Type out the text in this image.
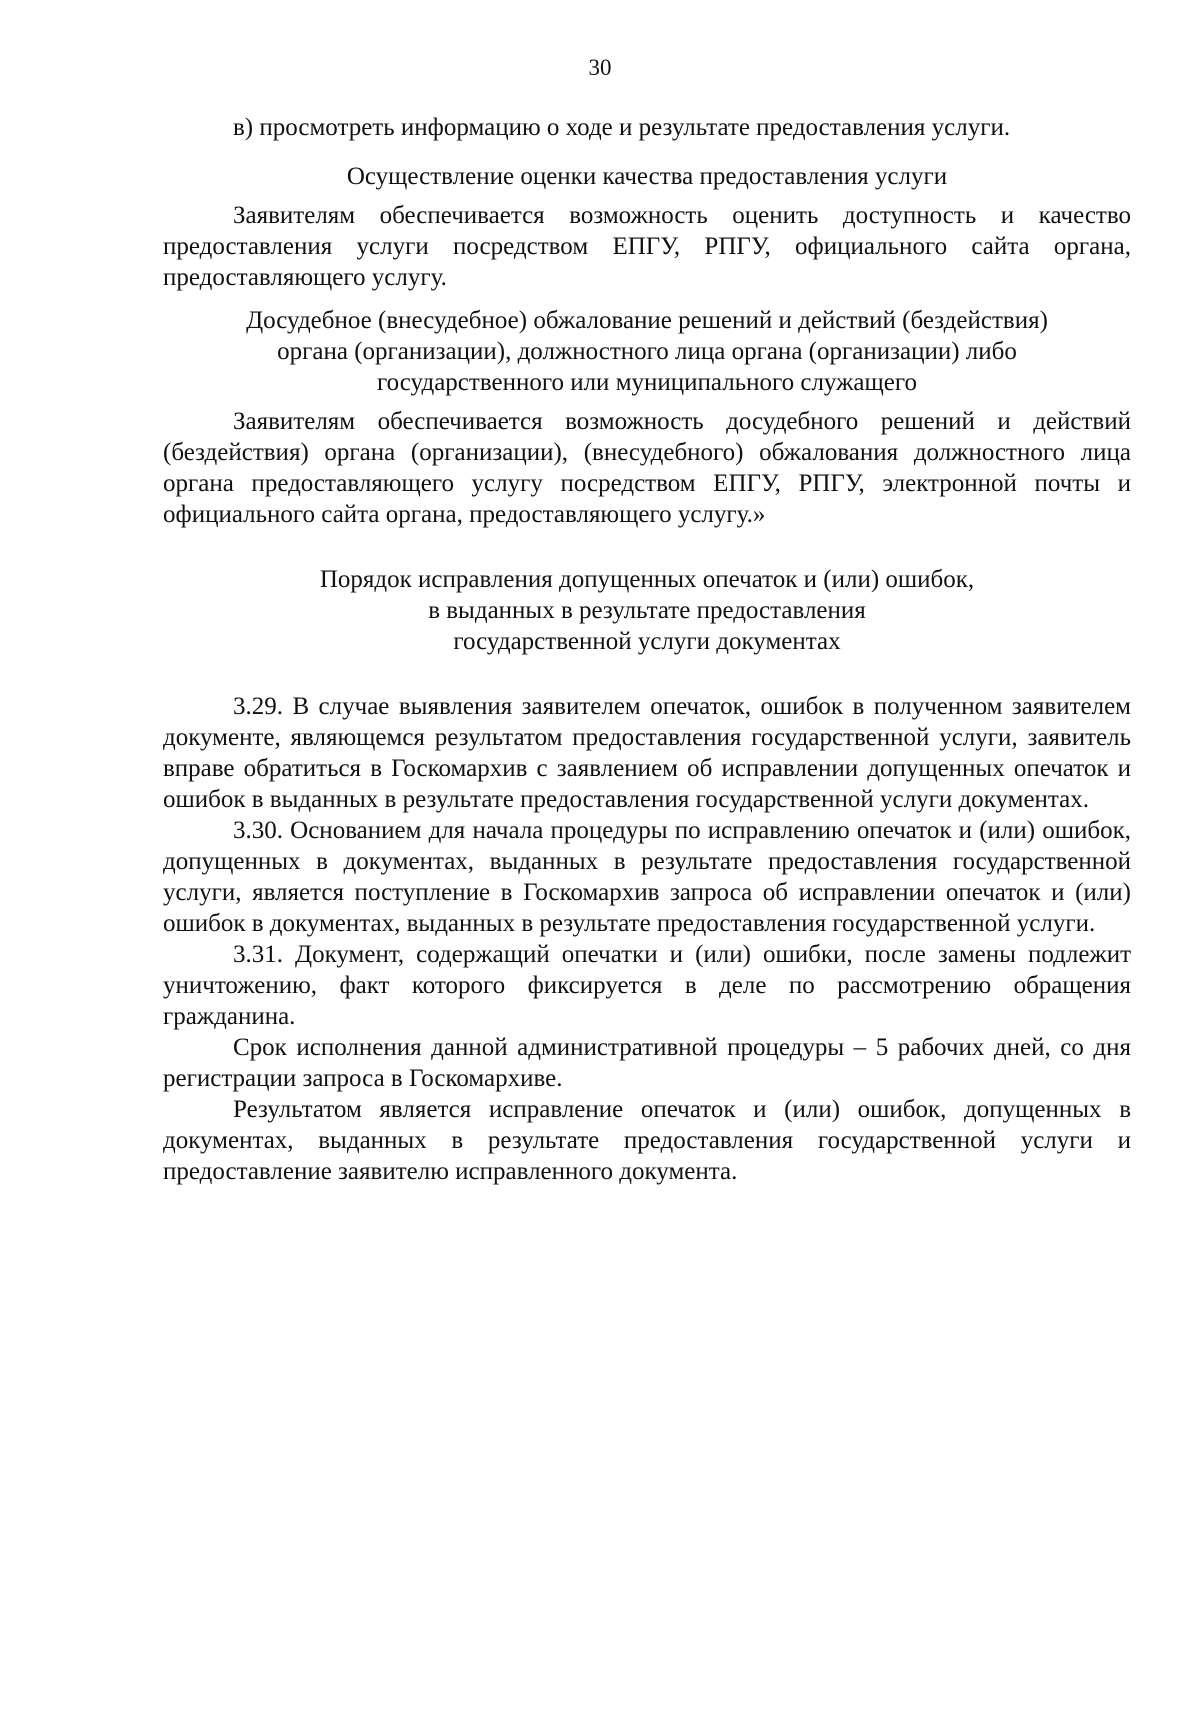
30

в) просмотреть информацию о ходе и результате предоставления услуги.

Осуществление оценки качества предоставления услуги

Заявителям обеспечивается возможность оценить доступность и качество предоставления услуги посредством ЕПГУ, РПГУ, официального сайта органа, предоставляющего услугу.

Досудебное (внесудебное) обжалование решений и действий (бездействия)
органа (организации), должностного лица органа (организации) либо
государственного или муниципального служащего

Заявителям обеспечивается возможность досудебного решений и действий (бездействия) органа (организации), (внесудебного) обжалования должностного лица органа предоставляющего услугу посредством ЕПГУ, РПГУ, электронной почты и официального сайта органа, предоставляющего услугу.»

Порядок исправления допущенных опечаток и (или) ошибок,
в выданных в результате предоставления
государственной услуги документах

3.29. В случае выявления заявителем опечаток, ошибок в полученном заявителем документе, являющемся результатом предоставления государственной услуги, заявитель вправе обратиться в Госкомархив с заявлением об исправлении допущенных опечаток и ошибок в выданных в результате предоставления государственной услуги документах.

3.30. Основанием для начала процедуры по исправлению опечаток и (или) ошибок, допущенных в документах, выданных в результате предоставления государственной услуги, является поступление в Госкомархив запроса об исправлении опечаток и (или) ошибок в документах, выданных в результате предоставления государственной услуги.

3.31. Документ, содержащий опечатки и (или) ошибки, после замены подлежит уничтожению, факт которого фиксируется в деле по рассмотрению обращения гражданина.

Срок исполнения данной административной процедуры – 5 рабочих дней, со дня регистрации запроса в Госкомархиве.

Результатом является исправление опечаток и (или) ошибок, допущенных в документах, выданных в результате предоставления государственной услуги и предоставление заявителю исправленного документа.
